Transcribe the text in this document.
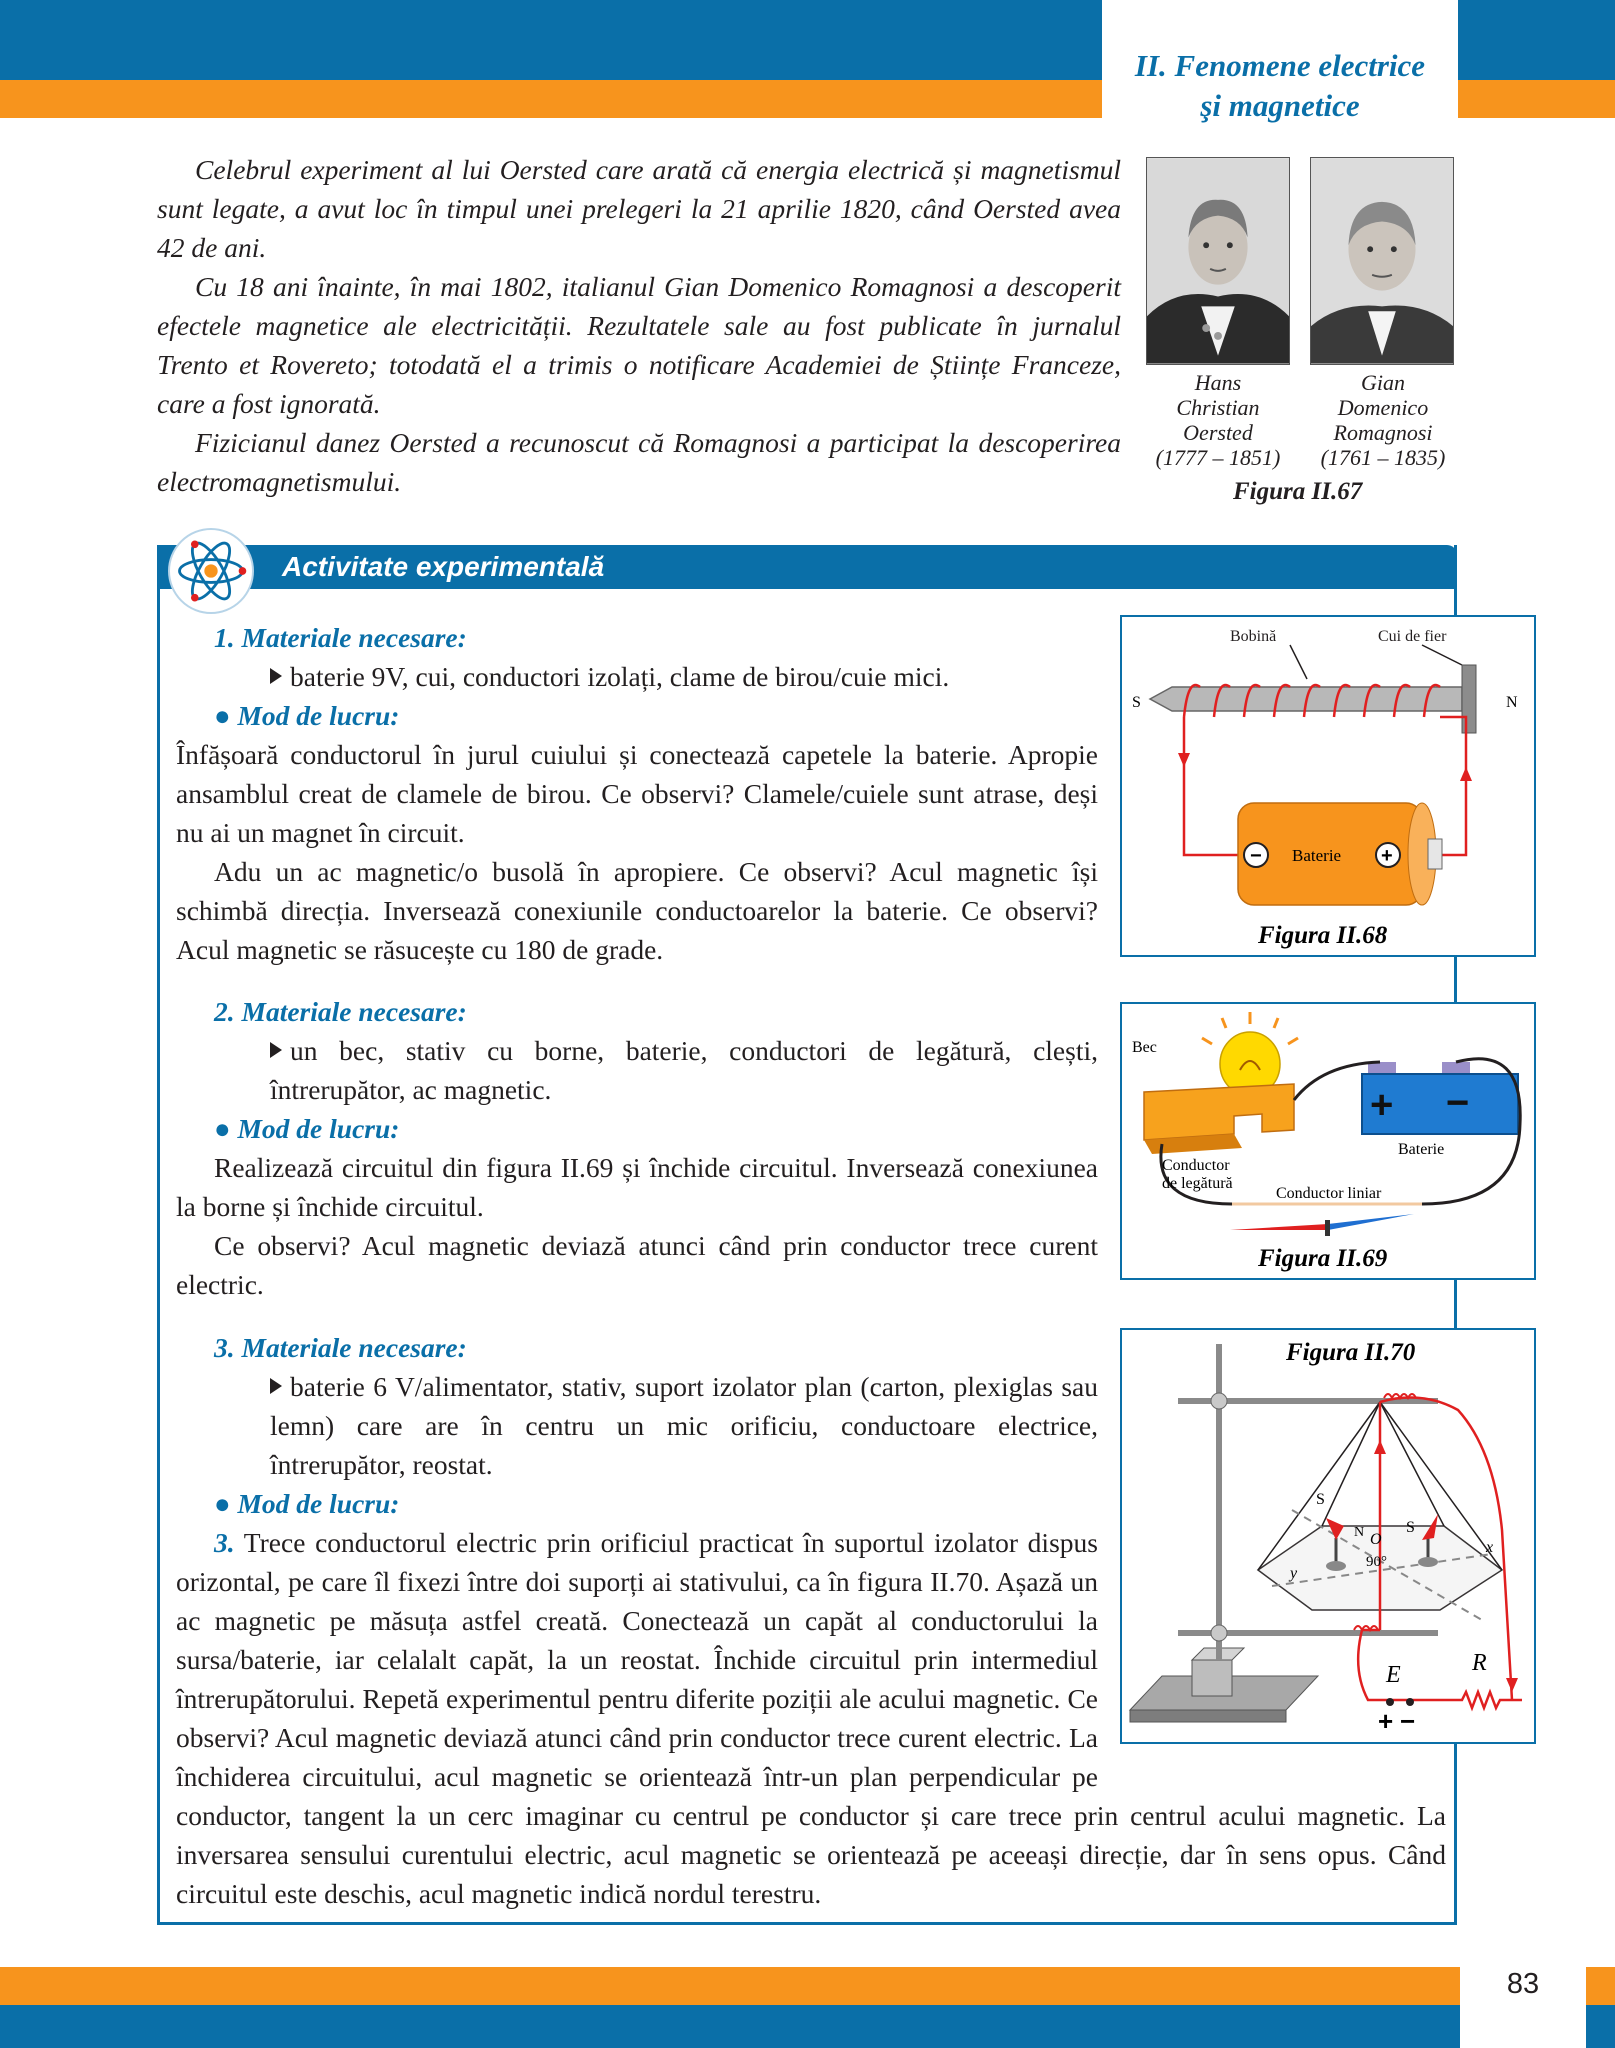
II. Fenomene electrice
şi magnetice

Celebrul experiment al lui Oersted care arată că energia electrică și magnetismul sunt legate, a avut loc în timpul unei prelegeri la 21 aprilie 1820, când Oersted avea 42 de ani.

Cu 18 ani înainte, în mai 1802, italianul Gian Domenico Romagnosi a descoperit efectele magnetice ale electricității. Rezultatele sale au fost publicate în jurnalul Trento et Rovereto; totodată el a trimis o notificare Academiei de Științe Franceze, care a fost ignorată.

Fizicianul danez Oersted a recunoscut că Romagnosi a participat la descoperirea electromagnetismului.

Hans
Christian
Oersted
(1777 – 1851)
Gian
Domenico
Romagnosi
(1761 – 1835)
Figura II.67
Activitate experimentală

1. Materiale necesare:

baterie 9V, cui, conductori izolați, clame de birou/cuie mici.

● Mod de lucru:

Înfășoară conductorul în jurul cuiului și conectează capetele la baterie. Apropie ansamblul creat de clamele de birou. Ce observi? Clamele/cuiele sunt atrase, deși nu ai un magnet în circuit.

Adu un ac magnetic/o busolă în apropiere. Ce observi? Acul magnetic își schimbă direcția. Inversează conexiunile conductoarelor la baterie. Ce observi? Acul magnetic se răsucește cu 180 de grade.

Bobină	Cui de fier
S	N
−	+
Baterie
Figura II.68

2. Materiale necesare:

un bec, stativ cu borne, baterie, conductori de legătură, clești, întrerupător, ac magnetic.

● Mod de lucru:

Realizează circuitul din figura II.69 și închide circuitul. Inversează conexiunea la borne și închide circuitul.

Ce observi? Acul magnetic deviază atunci când prin conductor trece curent electric.

Bec
+ −
Baterie
Conductor
de legătură
Conductor liniar
Figura II.69

3. Materiale necesare:

baterie 6 V/alimentator, stativ, suport izolator plan (carton, plexiglas sau lemn) care are în centru un mic orificiu, conductoare electrice, întrerupător, reostat.

● Mod de lucru:

3. Trece conductorul electric prin orificiul practicat în suportul izolator dispus orizontal, pe care îl fixezi între doi suporți ai stativului, ca în figura II.70. Așază un ac magnetic pe măsuța astfel creată. Conectează un capăt al conductorului la sursa/baterie, iar celalalt capăt, la un reostat. Închide circuitul prin intermediul întrerupătorului. Repetă experimentul pentru diferite poziții ale acului magnetic. Ce observi? Acul magnetic deviază atunci când prin conductor trece curent electric. La închiderea circuitului, acul magnetic se orientează într-un plan perpendicular pe conductor, tangent la un cerc imaginar cu centrul pe conductor și care trece prin centrul acului magnetic. La inversarea sensului curentului electric, acul magnetic se orientează pe aceeași direcție, dar în sens opus. Când circuitul este deschis, acul magnetic indică nordul terestru.

Figura II.70
S
N O
S
90°
x
y
E	R
+ −
83
